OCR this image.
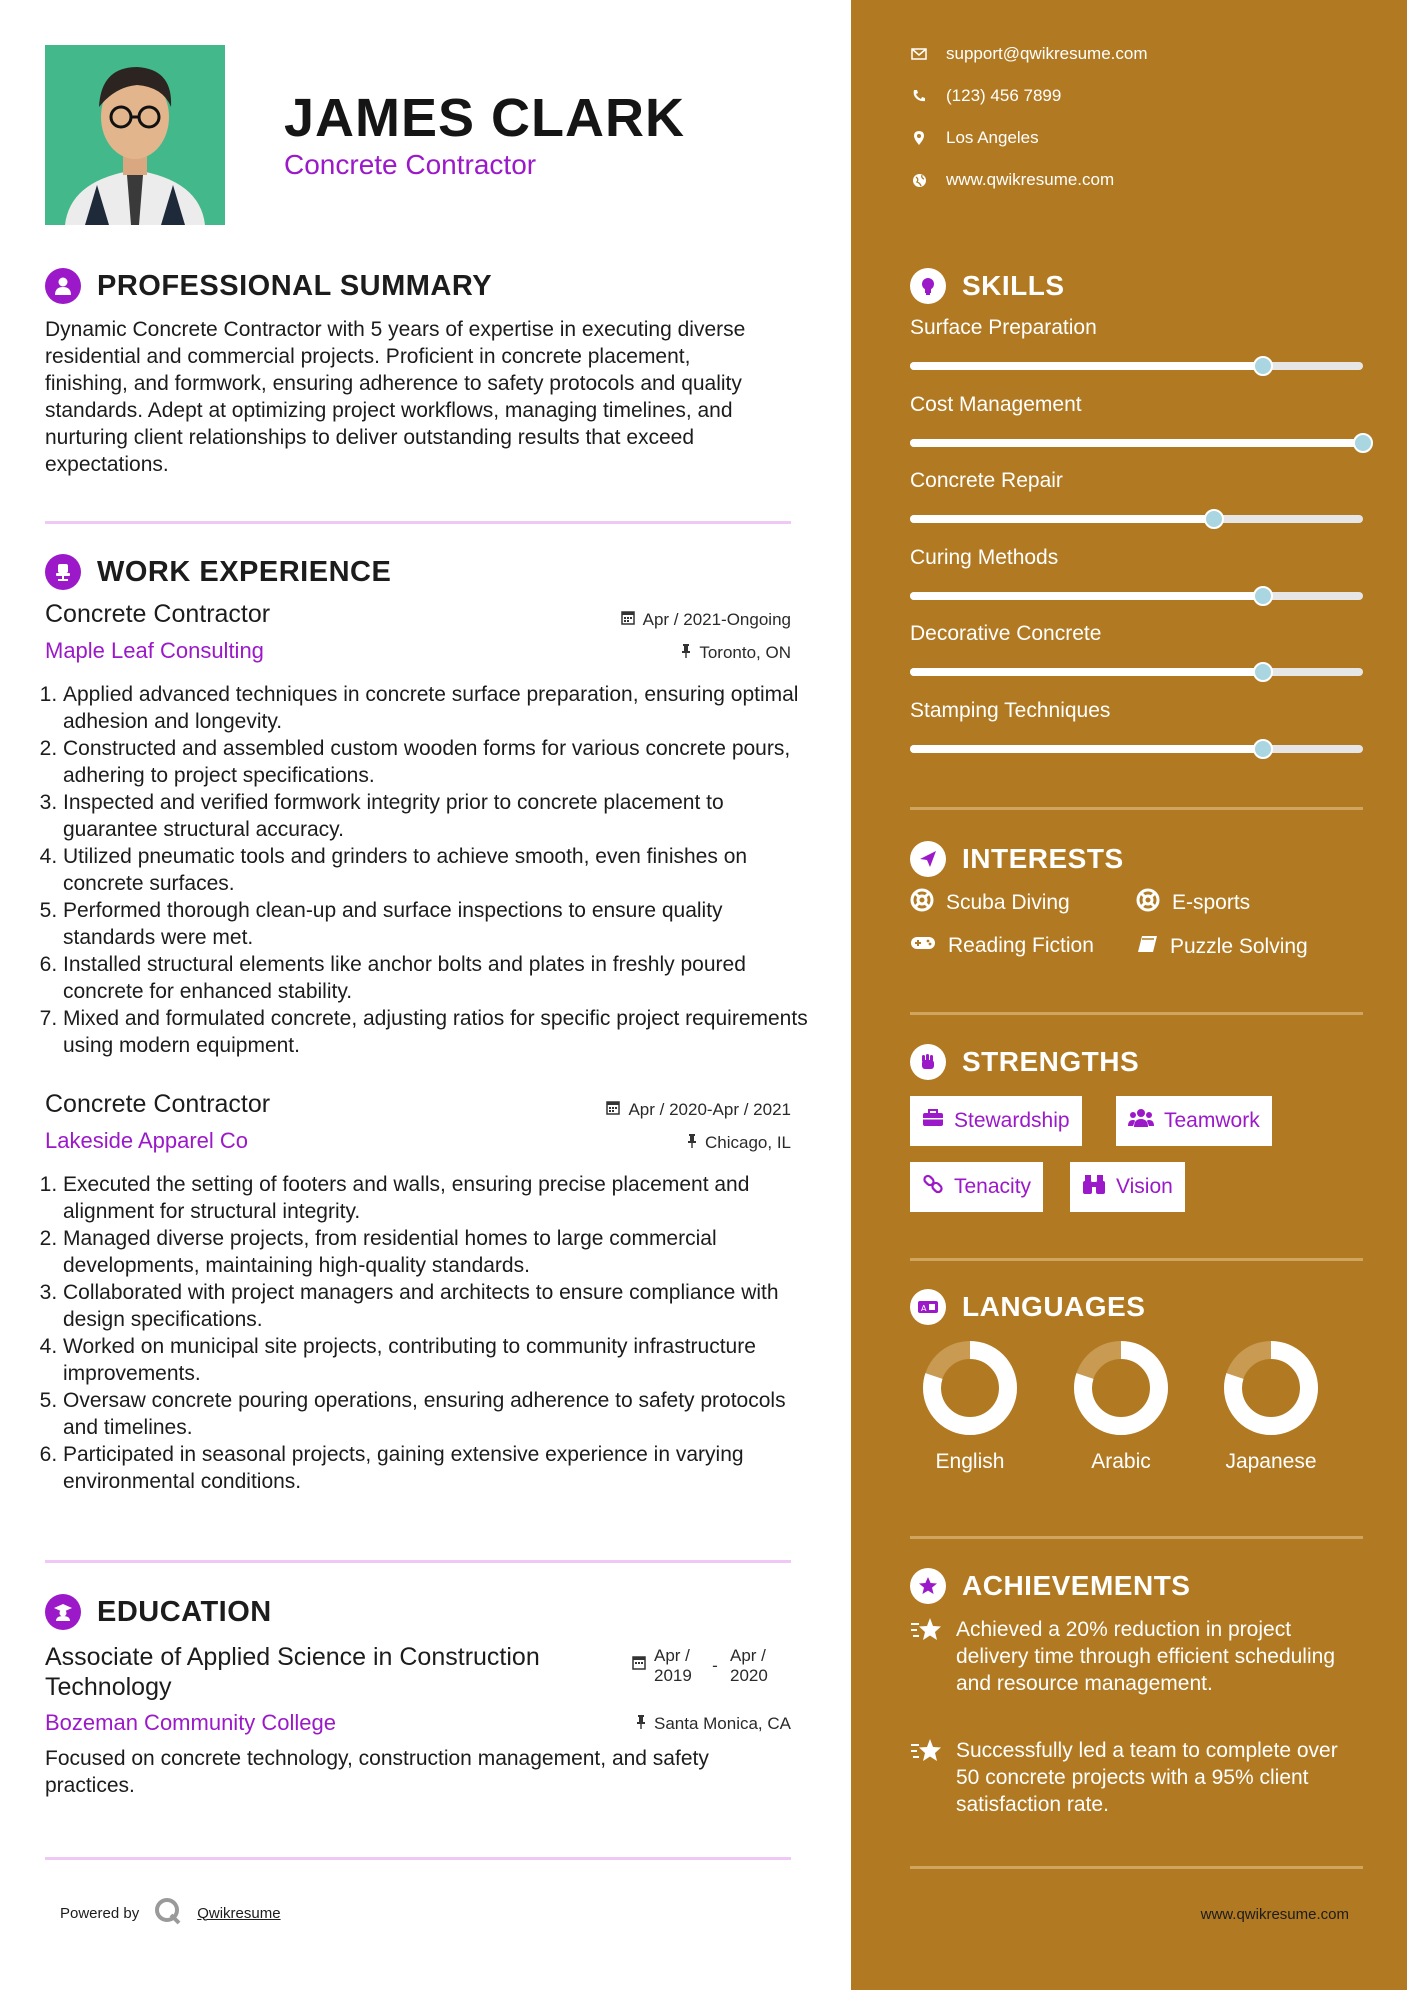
JAMES CLARK
Concrete Contractor
PROFESSIONAL SUMMARY
Dynamic Concrete Contractor with 5 years of expertise in executing diverse residential and commercial projects. Proficient in concrete placement, finishing, and formwork, ensuring adherence to safety protocols and quality standards. Adept at optimizing project workflows, managing timelines, and nurturing client relationships to deliver outstanding results that exceed expectations.
WORK EXPERIENCE
Concrete Contractor	Apr / 2021-Ongoing
Maple Leaf Consulting	Toronto, ON
1. Applied advanced techniques in concrete surface preparation, ensuring optimal adhesion and longevity.
2. Constructed and assembled custom wooden forms for various concrete pours, adhering to project specifications.
3. Inspected and verified formwork integrity prior to concrete placement to guarantee structural accuracy.
4. Utilized pneumatic tools and grinders to achieve smooth, even finishes on concrete surfaces.
5. Performed thorough clean-up and surface inspections to ensure quality standards were met.
6. Installed structural elements like anchor bolts and plates in freshly poured concrete for enhanced stability.
7. Mixed and formulated concrete, adjusting ratios for specific project requirements using modern equipment.
Concrete Contractor	Apr / 2020-Apr / 2021
Lakeside Apparel Co	Chicago, IL
1. Executed the setting of footers and walls, ensuring precise placement and alignment for structural integrity.
2. Managed diverse projects, from residential homes to large commercial developments, maintaining high-quality standards.
3. Collaborated with project managers and architects to ensure compliance with design specifications.
4. Worked on municipal site projects, contributing to community infrastructure improvements.
5. Oversaw concrete pouring operations, ensuring adherence to safety protocols and timelines.
6. Participated in seasonal projects, gaining extensive experience in varying environmental conditions.
EDUCATION
Associate of Applied Science in Construction Technology
Apr / 2019
-
Apr / 2020
Bozeman Community College	Santa Monica, CA
Focused on concrete technology, construction management, and safety practices.
Powered by	Qwikresume
support@qwikresume.com
(123) 456 7899
Los Angeles
www.qwikresume.com
SKILLS
Surface Preparation
Cost Management
Concrete Repair
Curing Methods
Decorative Concrete
Stamping Techniques
INTERESTS
Scuba Diving	E-sports
Reading Fiction	Puzzle Solving
STRENGTHS
Stewardship	Teamwork
Tenacity	Vision
A LANGUAGES
English	Arabic	Japanese
ACHIEVEMENTS
Achieved a 20% reduction in project delivery time through efficient scheduling and resource management.
Successfully led a team to complete over 50 concrete projects with a 95% client satisfaction rate.
www.qwikresume.com
